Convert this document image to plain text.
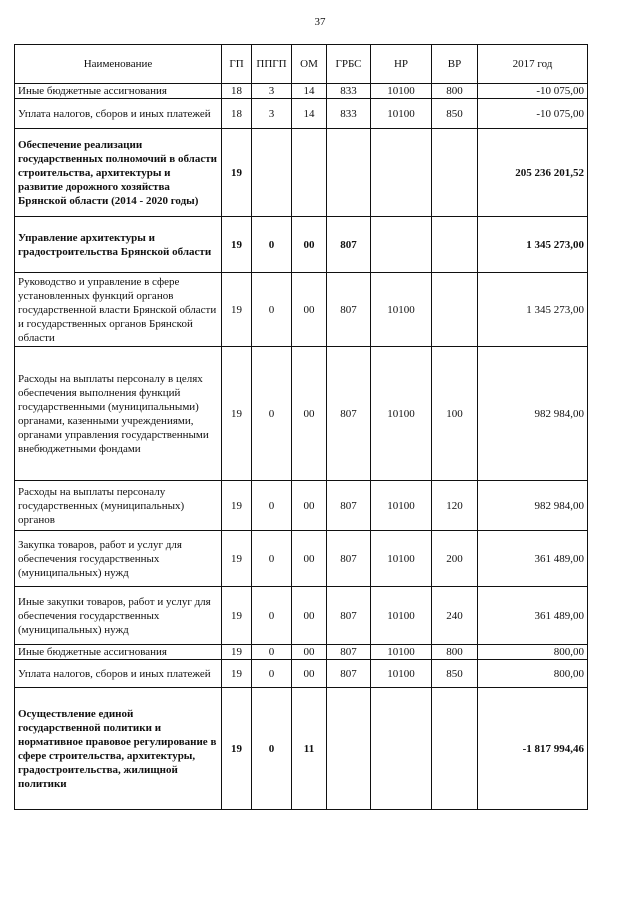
37
Наименование	ГП	ППГП	ОМ	ГРБС	НР	ВР	2017 год
Иные бюджетные ассигнования	18	3	14	833	10100	800	-10 075,00
Уплата налогов, сборов и иных платежей	18	3	14	833	10100	850	-10 075,00
Обеспечение реализации государственных полномочий в области строительства, архитектуры и развитие дорожного хозяйства Брянской области (2014 - 2020 годы)	19						205 236 201,52
Управление архитектуры и градостроительства Брянской области	19	0	00	807			1 345 273,00
Руководство и управление в сфере установленных функций органов государственной власти Брянской области и государственных органов Брянской области	19	0	00	807	10100		1 345 273,00
Расходы на выплаты персоналу в целях обеспечения выполнения функций государственными (муниципальными) органами, казенными учреждениями, органами управления государственными внебюджетными фондами	19	0	00	807	10100	100	982 984,00
Расходы на выплаты персоналу государственных (муниципальных) органов	19	0	00	807	10100	120	982 984,00
Закупка товаров, работ и услуг для обеспечения государственных (муниципальных) нужд	19	0	00	807	10100	200	361 489,00
Иные закупки товаров, работ и услуг для обеспечения государственных (муниципальных) нужд	19	0	00	807	10100	240	361 489,00
Иные бюджетные ассигнования	19	0	00	807	10100	800	800,00
Уплата налогов, сборов и иных платежей	19	0	00	807	10100	850	800,00
Осуществление единой государственной политики и нормативное правовое регулирование в сфере строительства, архитектуры, градостроительства, жилищной политики	19	0	11				-1 817 994,46
